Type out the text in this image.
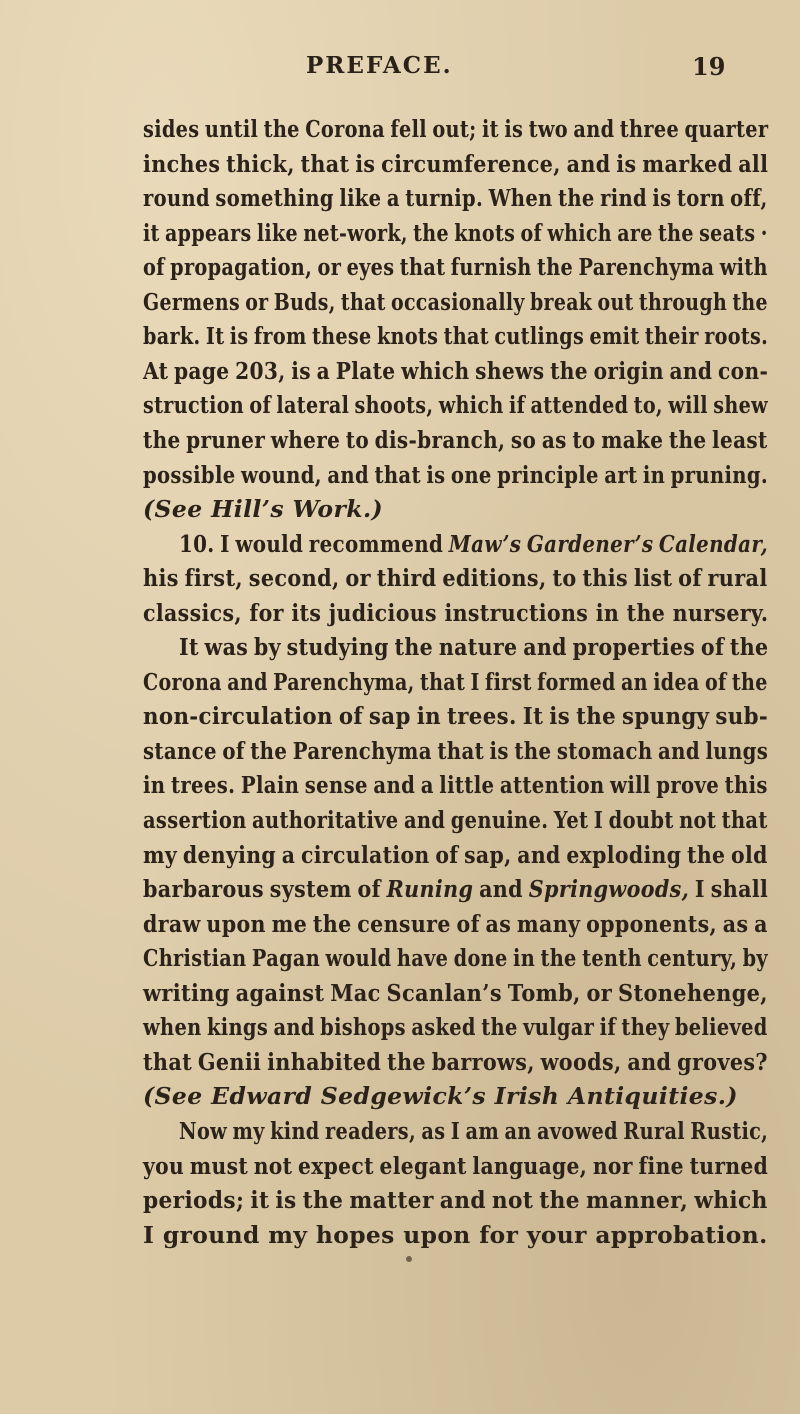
PREFACE.	19
sides until the Corona fell out; it is two and three quarter
inches thick, that is circumference, and is marked all
round something like a turnip. When the rind is torn off,
it appears like net-work, the knots of which are the seats ·
of propagation, or eyes that furnish the Parenchyma with
Germens or Buds, that occasionally break out through the
bark. It is from these knots that cutlings emit their roots.
At page 203, is a Plate which shews the origin and con-
struction of lateral shoots, which if attended to, will shew
the pruner where to dis-branch, so as to make the least
possible wound, and that is one principle art in pruning.
(See Hill’s Work.)
10. I would recommend Maw’s Gardener’s Calendar,
his first, second, or third editions, to this list of rural
classics, for its judicious instructions in the nursery.
It was by studying the nature and properties of the
Corona and Parenchyma, that I first formed an idea of the
non-circulation of sap in trees. It is the spungy sub-
stance of the Parenchyma that is the stomach and lungs
in trees. Plain sense and a little attention will prove this
assertion authoritative and genuine. Yet I doubt not that
my denying a circulation of sap, and exploding the old
barbarous system of Runing and Springwoods, I shall
draw upon me the censure of as many opponents, as a
Christian Pagan would have done in the tenth century, by
writing against Mac Scanlan’s Tomb, or Stonehenge,
when kings and bishops asked the vulgar if they believed
that Genii inhabited the barrows, woods, and groves?
(See Edward Sedgewick’s Irish Antiquities.)
Now my kind readers, as I am an avowed Rural Rustic,
you must not expect elegant language, nor fine turned
periods; it is the matter and not the manner, which
I ground my hopes upon for your approbation.
